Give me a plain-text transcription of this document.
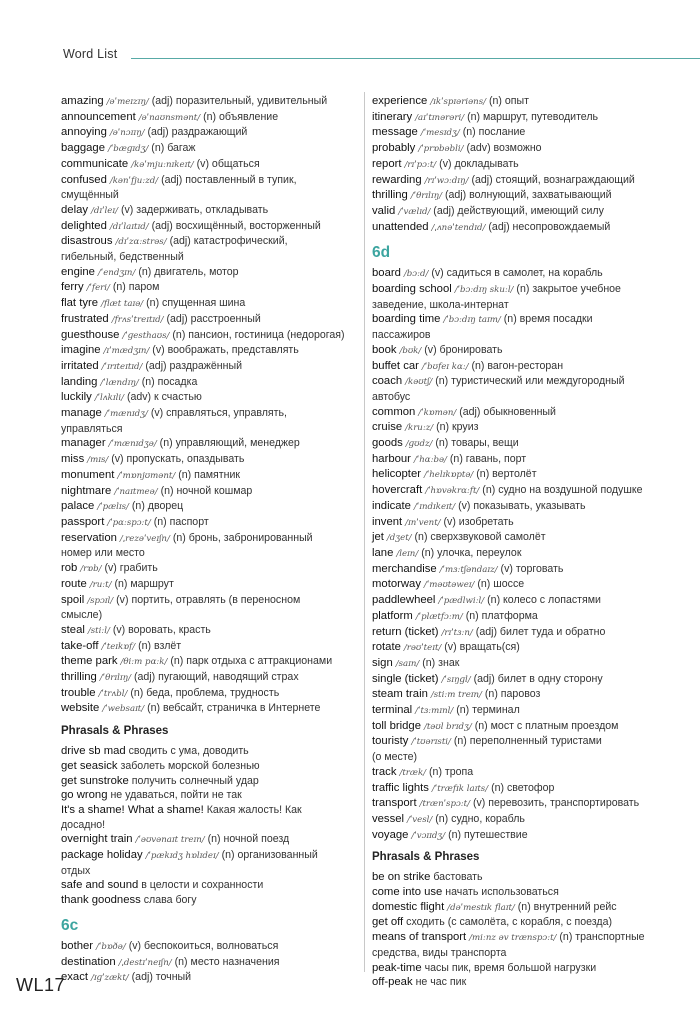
Word List
amazing /əˈmeɪzɪŋ/ (adj) поразительный, удивительный
announcement /əˈnaʊnsmənt/ (n) объявление
annoying /əˈnɔɪɪŋ/ (adj) раздражающий
baggage /ˈbæɡɪdʒ/ (n) багаж
communicate /kəˈmjuːnɪkeɪt/ (v) общаться
confused /kənˈfjuːzd/ (adj) поставленный в тупик,
смущённый
delay /dɪˈleɪ/ (v) задерживать, откладывать
delighted /dɪˈlaɪtɪd/ (adj) восхищённый, восторженный
disastrous /dɪˈzɑːstrəs/ (adj) катастрофический,
гибельный, бедственный
engine /ˈendʒɪn/ (n) двигатель, мотор
ferry /ˈferi/ (n) паром
flat tyre /flæt taɪə/ (n) спущенная шина
frustrated /frʌsˈtreɪtɪd/ (adj) расстроенный
guesthouse /ˈɡesthaʊs/ (n) пансион, гостиница (недорогая)
imagine /ɪˈmædʒɪn/ (v) воображать, представлять
irritated /ˈɪrɪteɪtɪd/ (adj) раздражённый
landing /ˈlændɪŋ/ (n) посадка
luckily /ˈlʌkɪli/ (adv) к счастью
manage /ˈmænɪdʒ/ (v) справляться, управлять,
управляться
manager /ˈmænɪdʒə/ (n) управляющий, менеджер
miss /mɪs/ (v) пропускать, опаздывать
monument /ˈmɒnjʊmənt/ (n) памятник
nightmare /ˈnaɪtmeə/ (n) ночной кошмар
palace /ˈpælɪs/ (n) дворец
passport /ˈpɑːspɔːt/ (n) паспорт
reservation /ˌrezəˈveɪʃn/ (n) бронь, забронированный
номер или место
rob /rɒb/ (v) грабить
route /ruːt/ (n) маршрут
spoil /spɔɪl/ (v) портить, отравлять (в переносном
смысле)
steal /stiːl/ (v) воровать, красть
take-off /ˈteɪkɒf/ (n) взлёт
theme park /θiːm pɑːk/ (n) парк отдыха с аттракционами
thrilling /ˈθrɪlɪŋ/ (adj) пугающий, наводящий страх
trouble /ˈtrʌbl/ (n) беда, проблема, трудность
website /ˈwebsaɪt/ (n) вебсайт, страничка в Интернете
Phrasals & Phrases
drive sb mad сводить с ума, доводить
get seasick заболеть морской болезнью
get sunstroke получить солнечный удар
go wrong не удаваться, пойти не так
It's a shame! What a shame! Какая жалость! Как
досадно!
overnight train /ˈəʊvənaɪt treɪn/ (n) ночной поезд
package holiday /ˈpækɪdʒ hɒlɪdeɪ/ (n) организованный
отдых
safe and sound в целости и сохранности
thank goodness слава богу
6c
bother /ˈbɒðə/ (v) беспокоиться, волноваться
destination /ˌdestɪˈneɪʃn/ (n) место назначения
exact /ɪɡˈzækt/ (adj) точный
experience /ɪkˈspɪəriəns/ (n) опыт
itinerary /aɪˈtɪnərəri/ (n) маршрут, путеводитель
message /ˈmesɪdʒ/ (n) послание
probably /ˈprɒbəbli/ (adv) возможно
report /rɪˈpɔːt/ (v) докладывать
rewarding /rɪˈwɔːdɪŋ/ (adj) стоящий, вознаграждающий
thrilling /ˈθrɪlɪŋ/ (adj) волнующий, захватывающий
valid /ˈvælɪd/ (adj) действующий, имеющий силу
unattended /ˌʌnəˈtendɪd/ (adj) несопровождаемый
6d
board /bɔːd/ (v) садиться в самолет, на корабль
boarding school /ˈbɔːdɪŋ skuːl/ (n) закрытое учебное
заведение, школа-интернат
boarding time /ˈbɔːdɪŋ taɪm/ (n) время посадки
пассажиров
book /bʊk/ (v) бронировать
buffet car /ˈbʊfeɪ kɑː/ (n) вагон-ресторан
coach /kəʊtʃ/ (n) туристический или междугородный
автобус
common /ˈkɒmən/ (adj) обыкновенный
cruise /kruːz/ (n) круиз
goods /ɡʊdz/ (n) товары, вещи
harbour /ˈhɑːbə/ (n) гавань, порт
helicopter /ˈhelɪkɒptə/ (n) вертолёт
hovercraft /ˈhɒvəkrɑːft/ (n) судно на воздушной подушке
indicate /ˈɪndɪkeɪt/ (v) показывать, указывать
invent /ɪnˈvent/ (v) изобретать
jet /dʒet/ (n) сверхзвуковой самолёт
lane /leɪn/ (n) улочка, переулок
merchandise /ˈmɜːtʃəndaɪz/ (v) торговать
motorway /ˈməʊtəweɪ/ (n) шоссе
paddlewheel /ˈpædlwiːl/ (n) колесо с лопастями
platform /ˈplætfɔːm/ (n) платформа
return (ticket) /rɪˈtɜːn/ (adj) билет туда и обратно
rotate /rəʊˈteɪt/ (v) вращать(ся)
sign /saɪn/ (n) знак
single (ticket) /ˈsɪŋɡl/ (adj) билет в одну сторону
steam train /stiːm treɪn/ (n) паровоз
terminal /ˈtɜːmɪnl/ (n) терминал
toll bridge /təʊl brɪdʒ/ (n) мост с платным проездом
touristy /ˈtʊərɪsti/ (n) переполненный туристами
(о месте)
track /træk/ (n) тропа
traffic lights /ˈtræfɪk laɪts/ (n) светофор
transport /trænˈspɔːt/ (v) перевозить, транспортировать
vessel /ˈvesl/ (n) судно, корабль
voyage /ˈvɔɪɪdʒ/ (n) путешествие
Phrasals & Phrases
be on strike бастовать
come into use начать использоваться
domestic flight /dəˈmestɪk flaɪt/ (n) внутренний рейс
get off сходить (с самолёта, с корабля, с поезда)
means of transport /miːnz əv trænspɔːt/ (n) транспортные
средства, виды транспорта
peak-time часы пик, время большой нагрузки
off-peak не час пик
WL17
